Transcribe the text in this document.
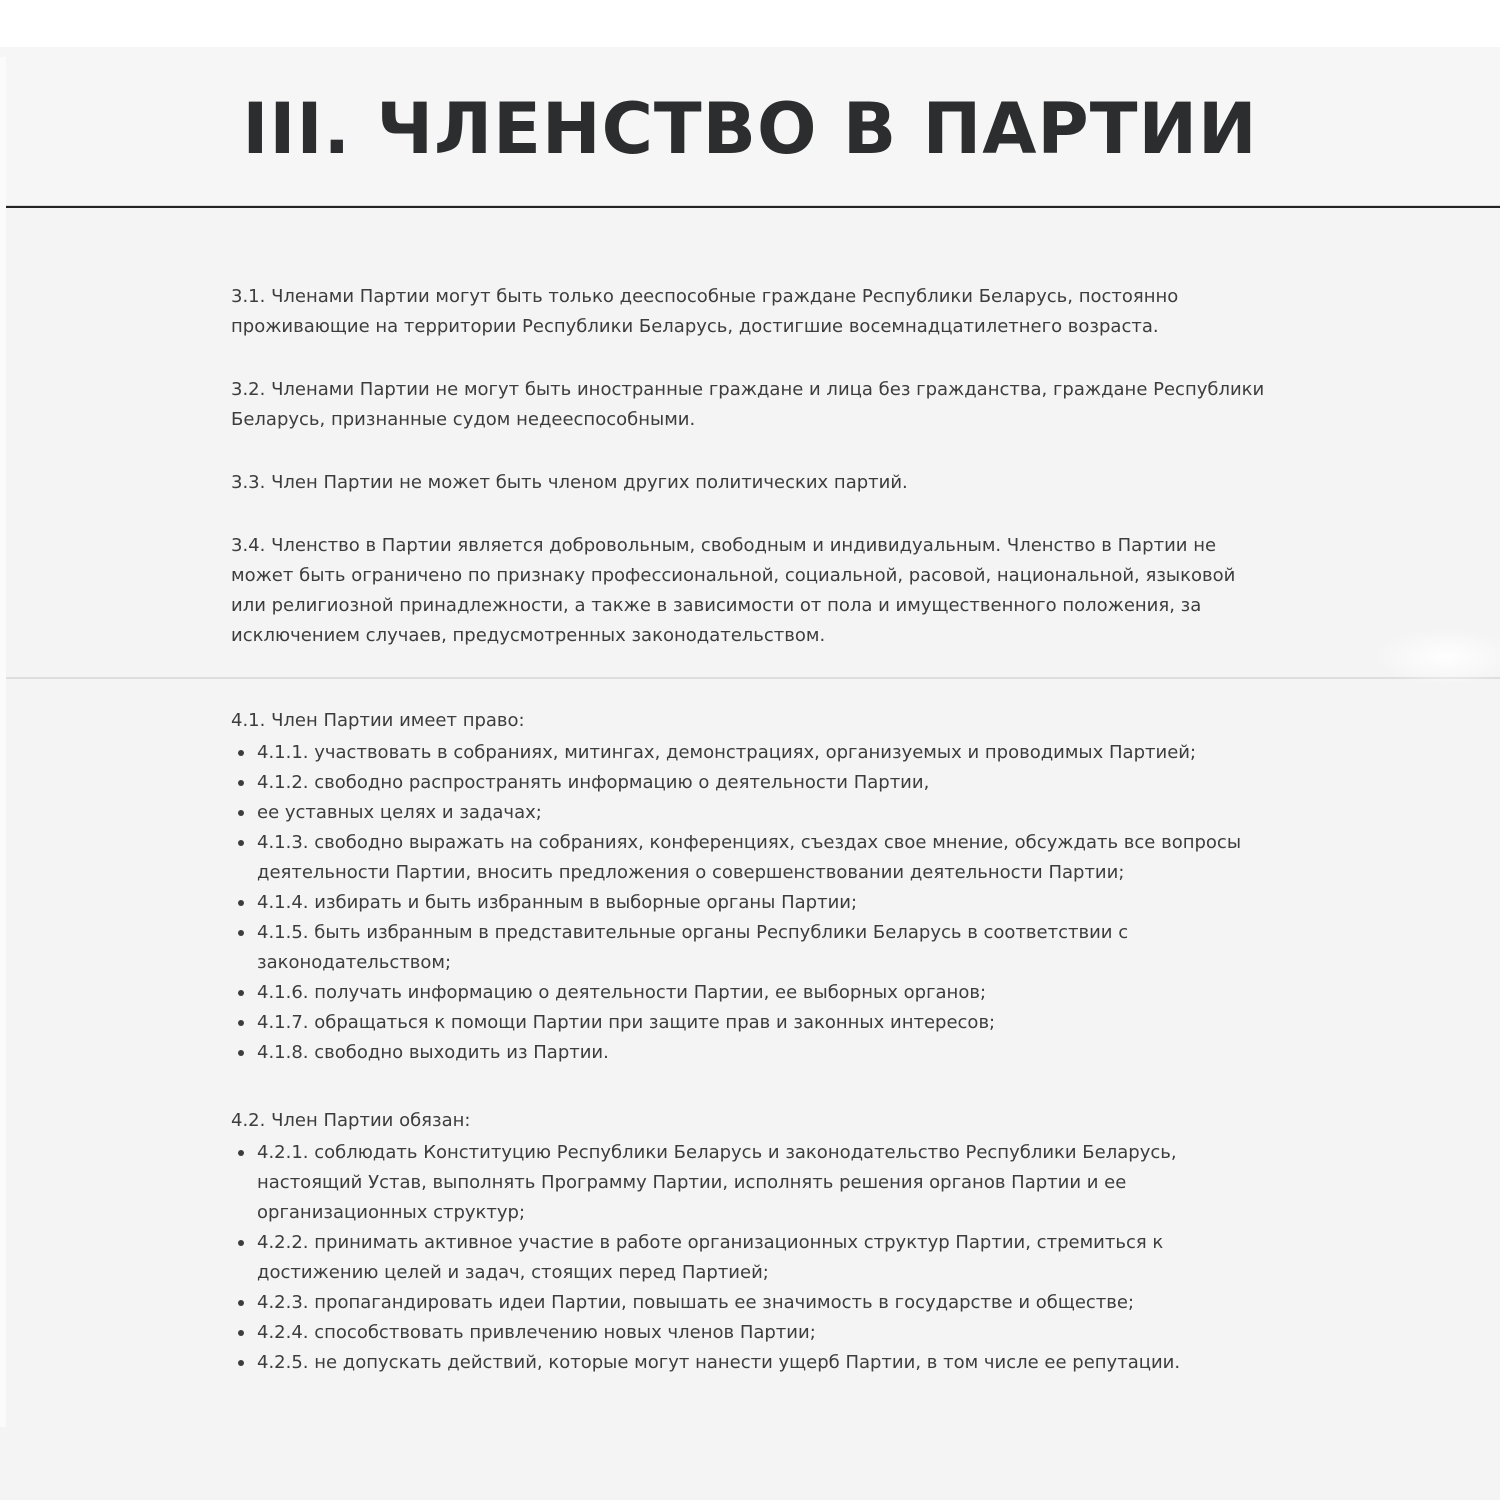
III. ЧЛЕНСТВО В ПАРТИИ

3.1. Членами Партии могут быть только дееспособные граждане Республики Беларусь, постоянно проживающие на территории Республики Беларусь, достигшие восемнадцатилетнего возраста.

3.2. Членами Партии не могут быть иностранные граждане и лица без гражданства, граждане Республики Беларусь, признанные судом недееспособными.

3.3. Член Партии не может быть членом других политических партий.

3.4. Членство в Партии является добровольным, свободным и индивидуальным. Членство в Партии не может быть ограничено по признаку профессиональной, социальной, расовой, национальной, языковой или религиозной принадлежности, а также в зависимости от пола и имущественного положения, за исключением случаев, предусмотренных законодательством.

4.1. Член Партии имеет право:

4.1.1. участвовать в собраниях, митингах, демонстрациях, организуемых и проводимых Партией;
4.1.2. свободно распространять информацию о деятельности Партии,
ее уставных целях и задачах;
4.1.3. свободно выражать на собраниях, конференциях, съездах свое мнение, обсуждать все вопросы деятельности Партии, вносить предложения о совершенствовании деятельности Партии;
4.1.4. избирать и быть избранным в выборные органы Партии;
4.1.5. быть избранным в представительные органы Республики Беларусь в соответствии с законодательством;
4.1.6. получать информацию о деятельности Партии, ее выборных органов;
4.1.7. обращаться к помощи Партии при защите прав и законных интересов;
4.1.8. свободно выходить из Партии.

4.2. Член Партии обязан:

4.2.1. соблюдать Конституцию Республики Беларусь и законодательство Республики Беларусь, настоящий Устав, выполнять Программу Партии, исполнять решения органов Партии и ее организационных структур;
4.2.2. принимать активное участие в работе организационных структур Партии, стремиться к достижению целей и задач, стоящих перед Партией;
4.2.3. пропагандировать идеи Партии, повышать ее значимость в государстве и обществе;
4.2.4. способствовать привлечению новых членов Партии;
4.2.5. не допускать действий, которые могут нанести ущерб Партии, в том числе ее репутации.
